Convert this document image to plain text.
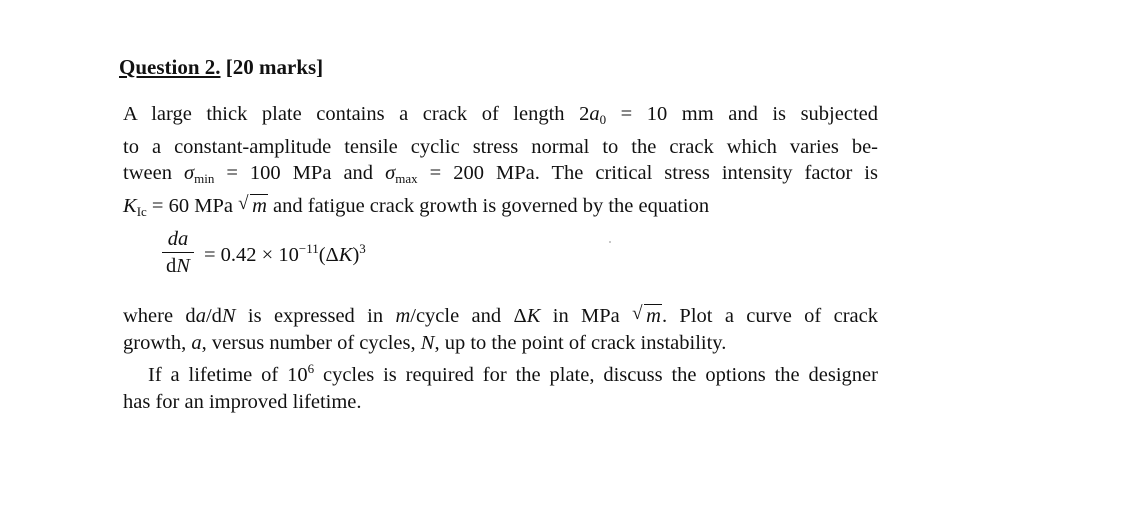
Question 2. [20 marks]
A large thick plate contains a crack of length $2a_0 = 10$ mm and is subjected
to a constant-amplitude tensile cyclic stress normal to the crack which varies be-
tween $\sigma_{min} = 100$ MPa and $\sigma_{max} = 200$ MPa. The critical stress intensity factor is
$K_{Ic} = 60$ MPa √ m and fatigue crack growth is governed by the equation
da
dN = $0.42 \times 10^{-11}(\Delta K)^3$
where da/dN is expressed in m/cycle and ΔK in MPa √ m. Plot a curve of crack
growth, a, versus number of cycles, N, up to the point of crack instability.
If a lifetime of $10^6$ cycles is required for the plate, discuss the options the designer
has for an improved lifetime.
